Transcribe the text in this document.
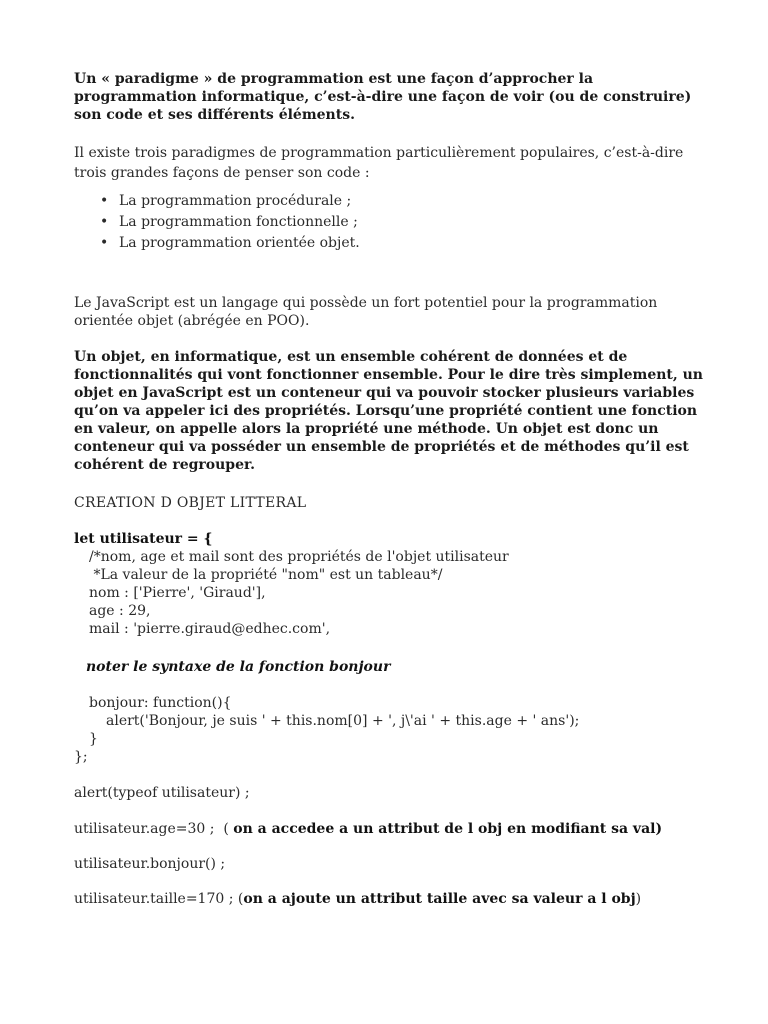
Un « paradigme » de programmation est une façon d’approcher la programmation informatique, c’est-à-dire une façon de voir (ou de construire) son code et ses différents éléments.

Il existe trois paradigmes de programmation particulièrement populaires, c’est-à-dire trois grandes façons de penser son code :

• La programmation procédurale ;
• La programmation fonctionnelle ;
• La programmation orientée objet.

Le JavaScript est un langage qui possède un fort potentiel pour la programmation orientée objet (abrégée en POO).

Un objet, en informatique, est un ensemble cohérent de données et de fonctionnalités qui vont fonctionner ensemble. Pour le dire très simplement, un objet en JavaScript est un conteneur qui va pouvoir stocker plusieurs variables qu’on va appeler ici des propriétés. Lorsqu’une propriété contient une fonction en valeur, on appelle alors la propriété une méthode. Un objet est donc un conteneur qui va posséder un ensemble de propriétés et de méthodes qu’il est cohérent de regrouper.

CREATION D OBJET LITTERAL

let utilisateur = {
/*nom, age et mail sont des propriétés de l'objet utilisateur
*La valeur de la propriété "nom" est un tableau*/
nom : ['Pierre', 'Giraud'],
age : 29,
mail : 'pierre.giraud@edhec.com',
noter le syntaxe de la fonction bonjour
bonjour: function(){
alert('Bonjour, je suis ' + this.nom[0] + ', j\'ai ' + this.age + ' ans');
}
};
alert(typeof utilisateur) ;
utilisateur.age=30 ;  ( on a accedee a un attribut de l obj en modifiant sa val)
utilisateur.bonjour() ;
utilisateur.taille=170 ; (on a ajoute un attribut taille avec sa valeur a l obj)
